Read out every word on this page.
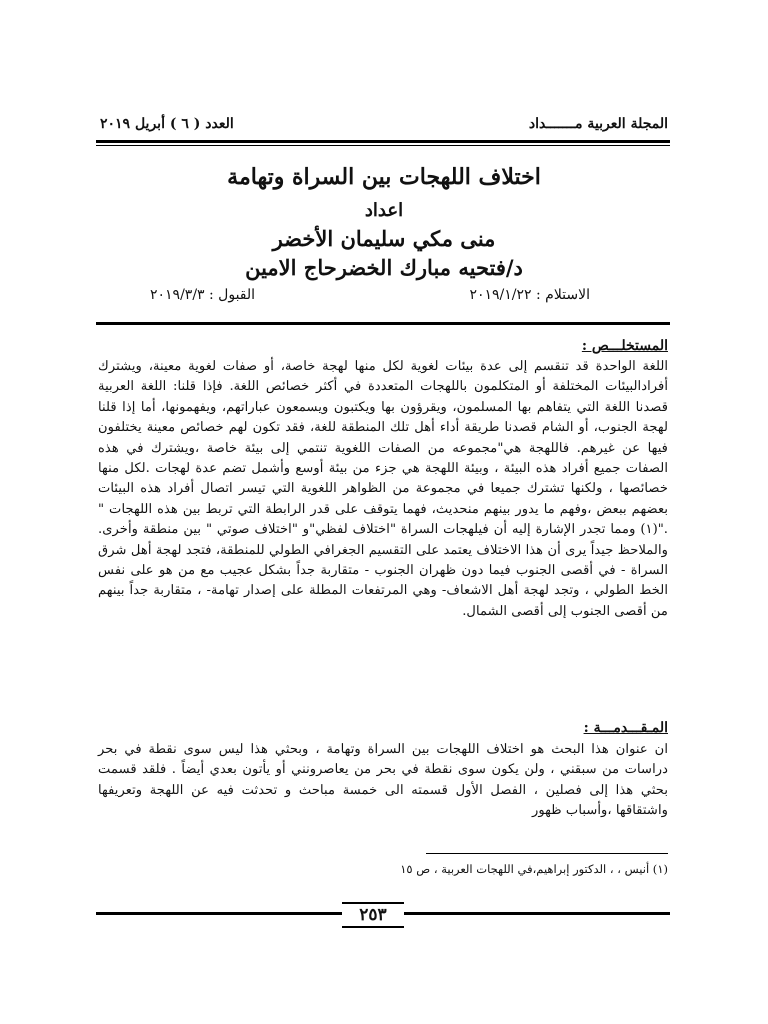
المجلة العربية مـــــــداد
العدد ( ٦ ) أبريل ٢٠١٩
اختلاف اللهجات بين السراة وتهامة
اعداد
منى مكي سليمان الأخضر
د/فتحيه مبارك الخضرحاج الامين
الاستلام : ٢٠١٩/١/٢٢
القبول : ٢٠١٩/٣/٣
المستخلـــص :
اللغة الواحدة قد تنقسم إلى عدة بيئات لغوية لكل منها لهجة خاصة، أو صفات لغوية معينة، ويشترك أفرادالبيئات المختلفة أو المتكلمون باللهجات المتعددة في أكثر خصائص اللغة. فإذا قلنا: اللغة العربية قصدنا اللغة التي يتفاهم بها المسلمون، ويقرؤون بها ويكتبون ويسمعون عباراتهم، ويفهمونها، أما إذا قلنا لهجة الجنوب، أو الشام قصدنا طريقة أداء أهل تلك المنطقة للغة، فقد تكون لهم خصائص معينة يختلفون فيها عن غيرهم. فاللهجة هي"مجموعه من الصفات اللغوية تنتمي إلى بيئة خاصة ،ويشترك في هذه الصفات جميع أفراد هذه البيئة ، وبيئة اللهجة هي جزء من بيئة أوسع وأشمل تضم عدة لهجات .لكل منها خصائصها ، ولكنها تشترك جميعا في مجموعة من الظواهر اللغوية التي تيسر اتصال أفراد هذه البيئات بعضهم ببعض ،وفهم ما يدور بينهم منحديث، فهما يتوقف على قدر الرابطة التي تربط بين هذه اللهجات " ."(١) ومما تجدر الإشارة إليه أن فيلهجات السراة "اختلاف لفظي"و "اختلاف صوتي " بين منطقة وأخرى. والملاحظ جيداً يرى أن هذا الاختلاف يعتمد على التقسيم الجغرافي الطولي للمنطقة، فتجد لهجة أهل شرق السراة - في أقصى الجنوب فيما دون ظهران الجنوب - متقاربة جداً بشكل عجيب مع من هو على نفس الخط الطولي ، وتجد لهجة أهل الاشعاف- وهي المرتفعات المطلة على إصدار تهامة- ، متقاربة جداً بينهم من أقصى الجنوب إلى أقصى الشمال.
المـقـــدمـــة :
ان عنوان هذا البحث هو اختلاف اللهجات بين السراة وتهامة ، وبحثي هذا ليس سوى نقطة في بحر دراسات من سبقني ، ولن يكون سوى نقطة في بحر من يعاصرونني أو يأتون بعدي أيضاً . فلقد قسمت بحثي هذا إلى فصلين ، الفصل الأول قسمته الى خمسة مباحث و تحدثت فيه عن اللهجة وتعريفها واشتقاقها ،وأسباب ظهور
(١) أنيس ، ، الدكتور إبراهيم،في اللهجات العربية ، ص ١٥
٢٥٣
